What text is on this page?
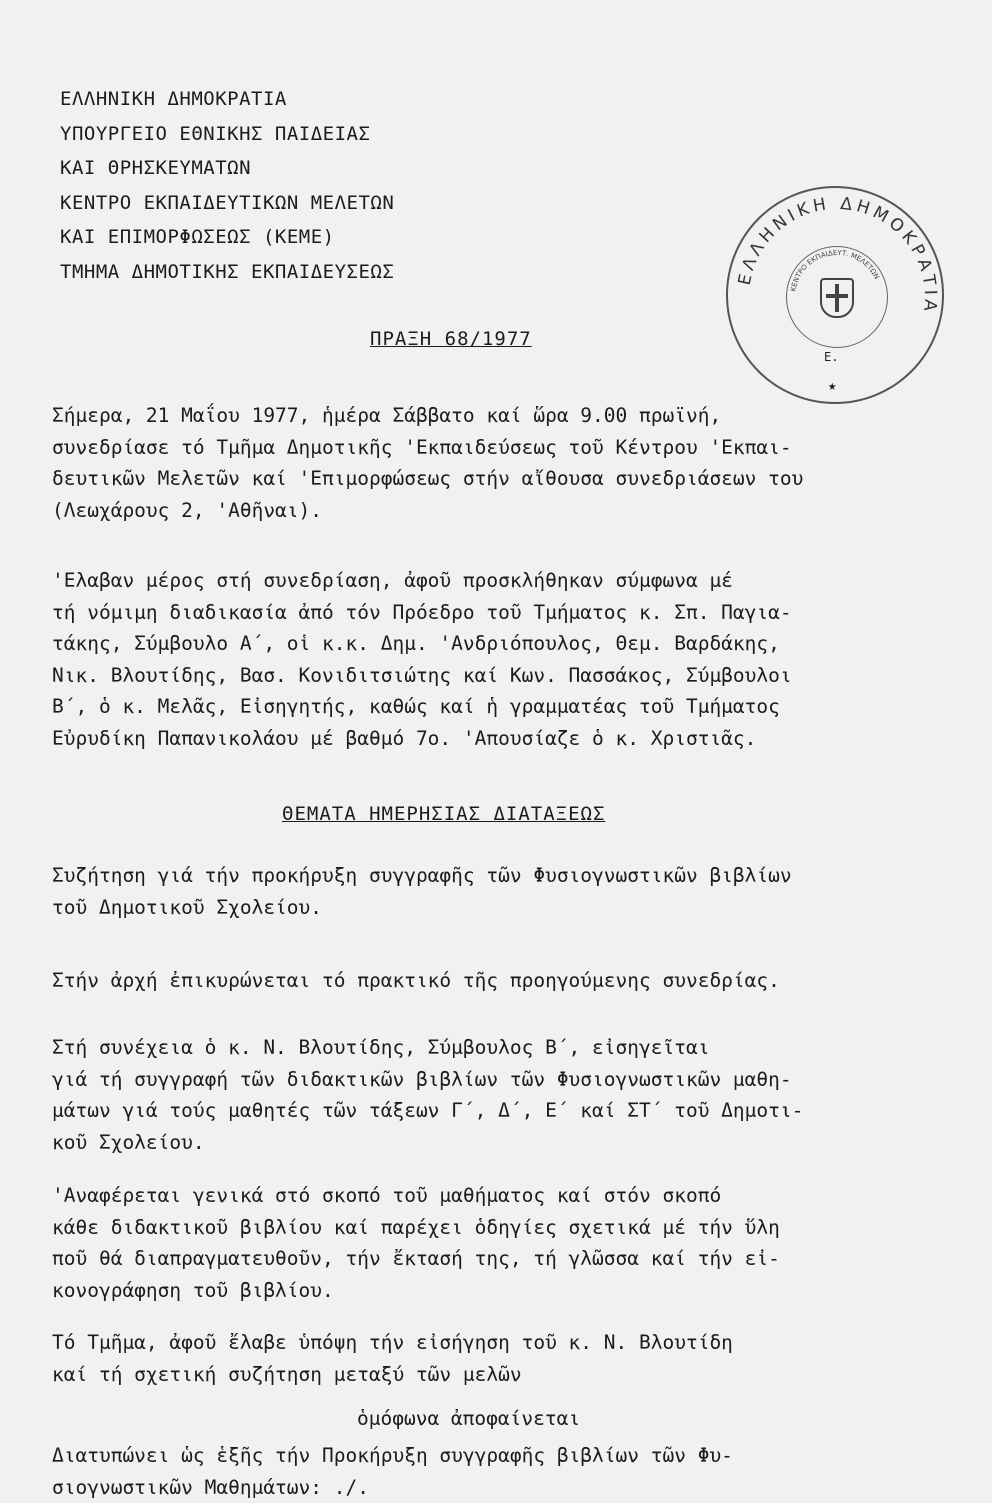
ΕΛΛΗΝΙΚΗ ΔΗΜΟΚΡΑΤΙΑ
ΥΠΟΥΡΓΕΙΟ ΕΘΝΙΚΗΣ ΠΑΙΔΕΙΑΣ
ΚΑΙ ΘΡΗΣΚΕΥΜΑΤΩΝ
ΚΕΝΤΡΟ ΕΚΠΑΙΔΕΥΤΙΚΩΝ ΜΕΛΕΤΩΝ
ΚΑΙ ΕΠΙΜΟΡΦΩΣΕΩΣ (ΚΕΜΕ)
ΤΜΗΜΑ ΔΗΜΟΤΙΚΗΣ ΕΚΠΑΙΔΕΥΣΕΩΣ	ΕΛΛΗΝΙΚΗ ΔΗΜΟΚΡΑΤΙΑ
ΚΕΝΤΡΟ ΕΚΠΑΙΔΕΥΤ. ΜΕΛΕΤΩΝ
Ε.
★
ΠΡΑΞΗ 68/1977
Σήμερα, 21 Μαΐου 1977, ἡμέρα Σάββατο καί ὥρα 9.00 πρωϊνή,
συνεδρίασε τό Τμῆμα Δημοτικῆς 'Εκπαιδεύσεως τοῦ Κέντρου 'Εκπαι-
δευτικῶν Μελετῶν καί 'Επιμορφώσεως στήν αἴθουσα συνεδριάσεων του
(Λεωχάρους 2, 'Αθῆναι).
'Ελαβαν μέρος στή συνεδρίαση, ἀφοῦ προσκλήθηκαν σύμφωνα μέ
τή νόμιμη διαδικασία ἀπό τόν Πρόεδρο τοῦ Τμήματος κ. Σπ. Παγια-
τάκης, Σύμβουλο Α΄, οἱ κ.κ. Δημ. 'Ανδριόπουλος, Θεμ. Βαρδάκης,
Νικ. Βλουτίδης, Βασ. Κονιδιτσιώτης καί Κων. Πασσάκος, Σύμβουλοι
Β΄, ὁ κ. Μελᾶς, Εἰσηγητής, καθώς καί ἡ γραμματέας τοῦ Τμήματος
Εὐρυδίκη Παπανικολάου μέ βαθμό 7ο. 'Απουσίαζε ὁ κ. Χριστιᾶς.
ΘΕΜΑΤΑ ΗΜΕΡΗΣΙΑΣ ΔΙΑΤΑΞΕΩΣ
Συζήτηση γιά τήν προκήρυξη συγγραφῆς τῶν Φυσιογνωστικῶν βιβλίων
τοῦ Δημοτικοῦ Σχολείου.
Στήν ἀρχή ἐπικυρώνεται τό πρακτικό τῆς προηγούμενης συνεδρίας.
Στή συνέχεια ὁ κ. Ν. Βλουτίδης, Σύμβουλος Β΄, εἰσηγεῖται
γιά τή συγγραφή τῶν διδακτικῶν βιβλίων τῶν Φυσιογνωστικῶν μαθη-
μάτων γιά τούς μαθητές τῶν τάξεων Γ΄, Δ΄, Ε΄ καί ΣΤ΄ τοῦ Δημοτι-
κοῦ Σχολείου.
'Αναφέρεται γενικά στό σκοπό τοῦ μαθήματος καί στόν σκοπό
κάθε διδακτικοῦ βιβλίου καί παρέχει ὁδηγίες σχετικά μέ τήν ὕλη
ποῦ θά διαπραγματευθοῦν, τήν ἔκτασή της, τή γλῶσσα καί τήν εἰ-
κονογράφηση τοῦ βιβλίου.
Τό Τμῆμα, ἀφοῦ ἔλαβε ὑπόψη τήν εἰσήγηση τοῦ κ. Ν. Βλουτίδη
καί τή σχετική συζήτηση μεταξύ τῶν μελῶν
ὁμόφωνα ἀποφαίνεται
Διατυπώνει ὡς ἑξῆς τήν Προκήρυξη συγγραφῆς βιβλίων τῶν Φυ-
σιογνωστικῶν Μαθημάτων: ./.
